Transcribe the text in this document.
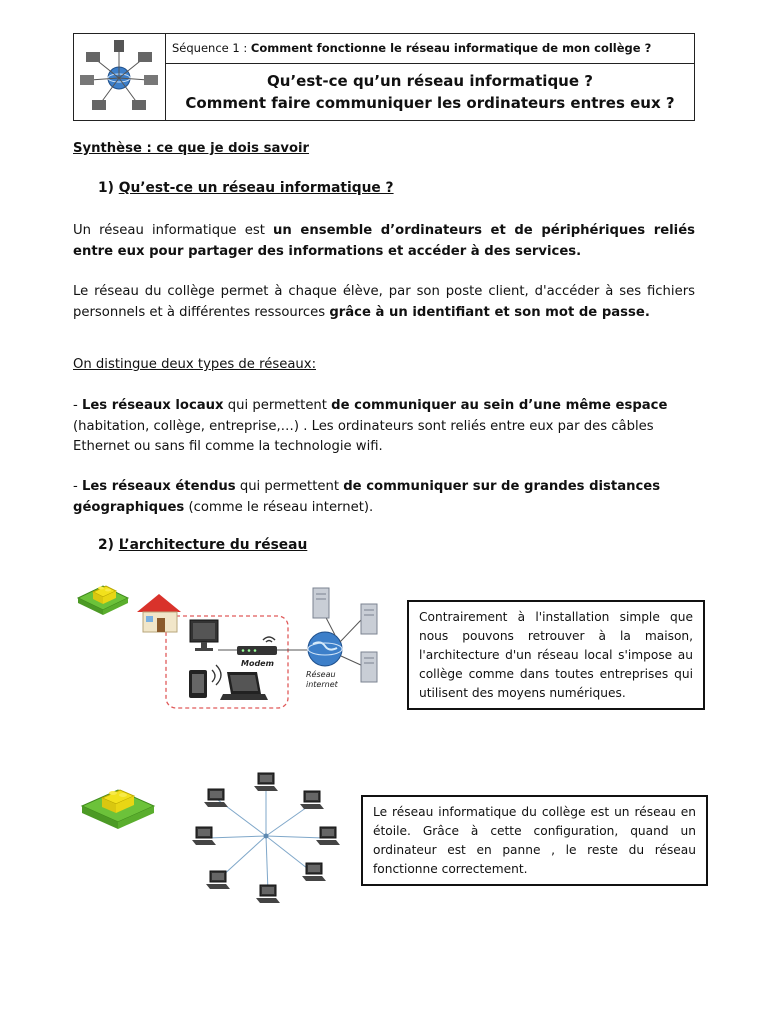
Séquence 1 : Comment fonctionne le réseau informatique de mon collège ?
Qu’est-ce qu’un réseau informatique ?
Comment faire communiquer les ordinateurs entres eux ?
Synthèse : ce que je dois savoir
1) Qu’est-ce un réseau informatique ?
Un réseau informatique est un ensemble d’ordinateurs et de périphériques reliés entre eux pour partager des informations et accéder à des services.
Le réseau du collège permet à chaque élève, par son poste client, d'accéder à ses fichiers personnels et à différentes ressources grâce à un identifiant et son mot de passe.
On distingue deux types de réseaux:
- Les réseaux locaux qui permettent de communiquer au sein d’une même espace (habitation, collège, entreprise,…) . Les ordinateurs sont reliés entre eux par des câbles Ethernet ou sans fil comme la technologie wifi.
- Les réseaux étendus qui permettent de communiquer sur de grandes distances géographiques (comme le réseau internet).
2) L’architecture du réseau
Modem
Réseau
internet
Contrairement à l'installation simple que nous pouvons retrouver à la maison, l'architecture d'un réseau local s'impose au collège comme dans toutes entreprises qui utilisent des moyens numériques.
Le réseau informatique du collège est un réseau en étoile. Grâce à cette configuration, quand un ordinateur est en panne , le reste du réseau fonctionne correctement.
